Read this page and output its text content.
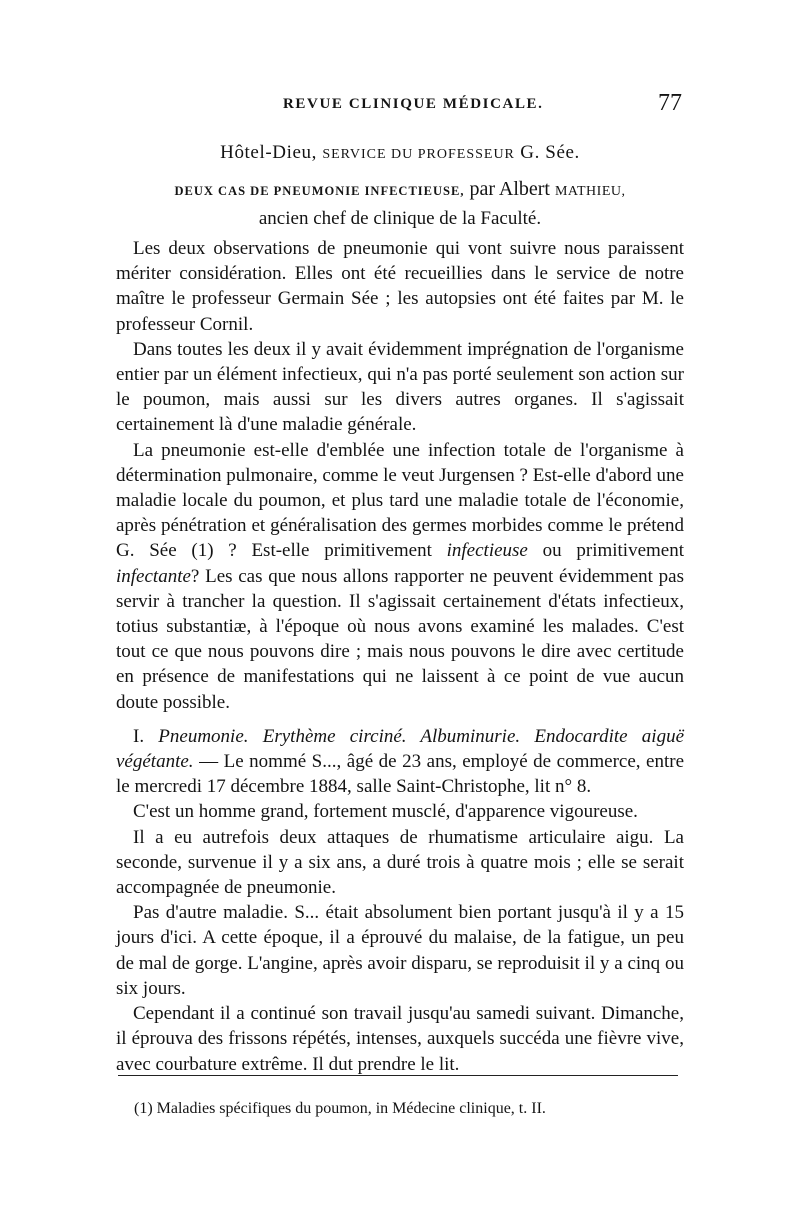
REVUE CLINIQUE MÉDICALE.	77
Hôtel-Dieu, SERVICE DU PROFESSEUR G. Sée.
DEUX CAS DE PNEUMONIE INFECTIEUSE, par Albert MATHIEU,
ancien chef de clinique de la Faculté.

Les deux observations de pneumonie qui vont suivre nous paraissent mériter considération. Elles ont été recueillies dans le service de notre maître le professeur Germain Sée ; les autopsies ont été faites par M. le professeur Cornil.

Dans toutes les deux il y avait évidemment imprégnation de l'organisme entier par un élément infectieux, qui n'a pas porté seulement son action sur le poumon, mais aussi sur les divers autres organes. Il s'agissait certainement là d'une maladie générale.

La pneumonie est-elle d'emblée une infection totale de l'organisme à détermination pulmonaire, comme le veut Jurgensen ? Est-elle d'abord une maladie locale du poumon, et plus tard une maladie totale de l'économie, après pénétration et généralisation des germes morbides comme le prétend G. Sée (1) ? Est-elle primitivement infectieuse ou primitivement infectante? Les cas que nous allons rapporter ne peuvent évidemment pas servir à trancher la question. Il s'agissait certainement d'états infectieux, totius substantiæ, à l'époque où nous avons examiné les malades. C'est tout ce que nous pouvons dire ; mais nous pouvons le dire avec certitude en présence de manifestations qui ne laissent à ce point de vue aucun doute possible.

I. Pneumonie. Erythème circiné. Albuminurie. Endocardite aiguë végétante. — Le nommé S..., âgé de 23 ans, employé de commerce, entre le mercredi 17 décembre 1884, salle Saint-Christophe, lit n° 8.

C'est un homme grand, fortement musclé, d'apparence vigoureuse.

Il a eu autrefois deux attaques de rhumatisme articulaire aigu. La seconde, survenue il y a six ans, a duré trois à quatre mois ; elle se serait accompagnée de pneumonie.

Pas d'autre maladie. S... était absolument bien portant jusqu'à il y a 15 jours d'ici. A cette époque, il a éprouvé du malaise, de la fatigue, un peu de mal de gorge. L'angine, après avoir disparu, se reproduisit il y a cinq ou six jours.

Cependant il a continué son travail jusqu'au samedi suivant. Dimanche, il éprouva des frissons répétés, intenses, auxquels succéda une fièvre vive, avec courbature extrême. Il dut prendre le lit.

(1) Maladies spécifiques du poumon, in Médecine clinique, t. II.
